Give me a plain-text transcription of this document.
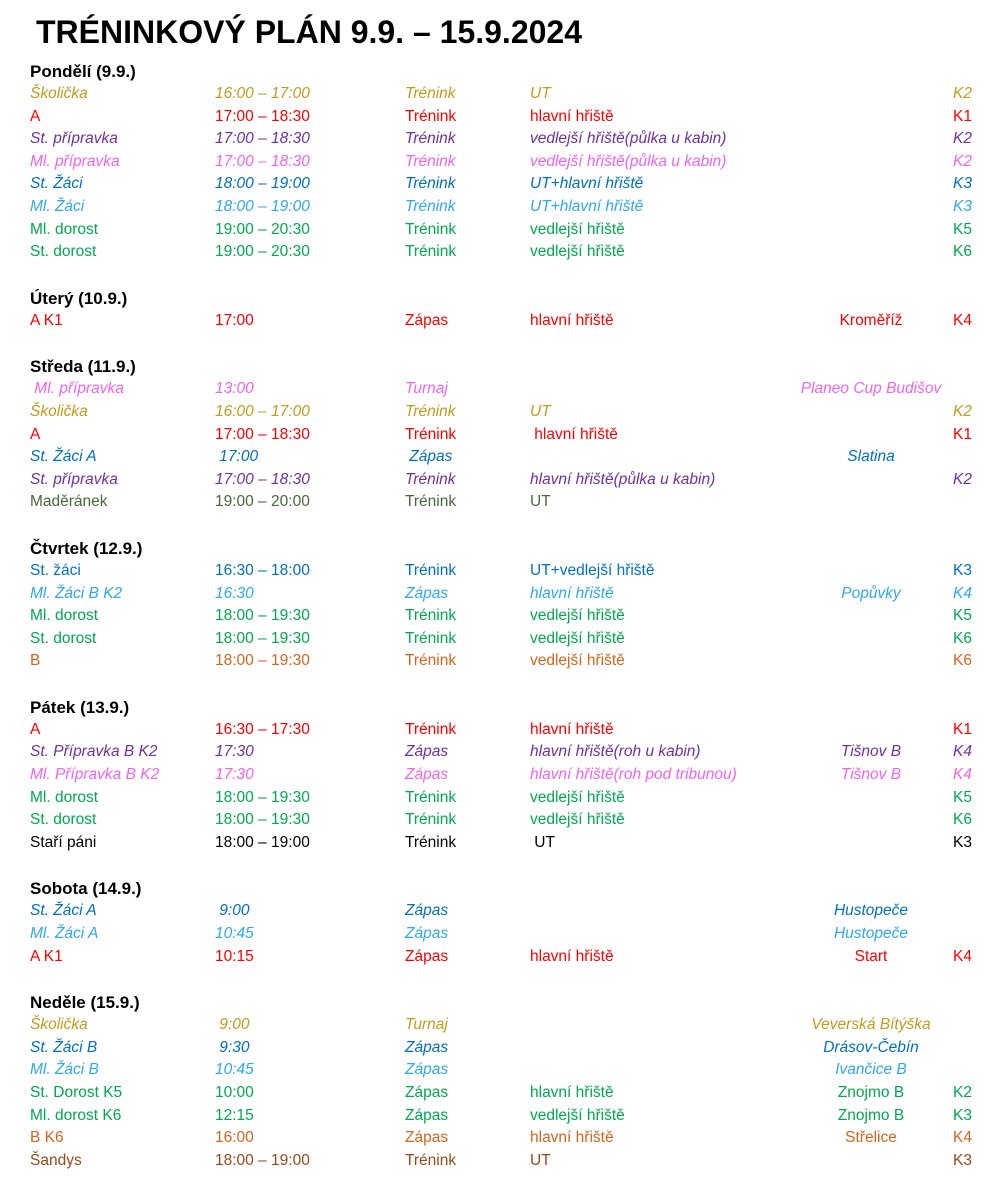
TRÉNINKOVÝ PLÁN 9.9. – 15.9.2024
Pondělí (9.9.)
Školička	16:00 – 17:00	Trénink	UT	K2
A	17:00 – 18:30	Trénink	hlavní hřiště	K1
St. přípravka	17:00 – 18:30	Trénink	vedlejší hřiště(půlka u kabin)	K2
Ml. přípravka	17:00 – 18:30	Trénink	vedlejší hřiště(půlka u kabin)	K2
St. Žáci	18:00 – 19:00	Trénink	UT+hlavní hřiště	K3
Ml. Žáci	18:00 – 19:00	Trénink	UT+hlavní hřiště	K3
Ml. dorost	19:00 – 20:30	Trénink	vedlejší hřiště	K5
St. dorost	19:00 – 20:30	Trénink	vedlejší hřiště	K6
Úterý (10.9.)
A K1	17:00	Zápas	hlavní hřiště	Kroměříž	K4
Středa (11.9.)
Ml. přípravka	13:00	Turnaj	Planeo Cup Budišov
Školička	16:00 – 17:00	Trénink	UT	K2
A	17:00 – 18:30	Trénink	hlavní hřiště	K1
St. Žáci A	17:00	Zápas	Slatina
St. přípravka	17:00 – 18:30	Trénink	hlavní hřiště(půlka u kabin)	K2
Maděránek	19:00 – 20:00	Trénink	UT
Čtvrtek (12.9.)
St. žáci	16:30 – 18:00	Trénink	UT+vedlejší hřiště	K3
Ml. Žáci B K2	16:30	Zápas	hlavní hřiště	Popůvky	K4
Ml. dorost	18:00 – 19:30	Trénink	vedlejší hřiště	K5
St. dorost	18:00 – 19:30	Trénink	vedlejší hřiště	K6
B	18:00 – 19:30	Trénink	vedlejší hřiště	K6
Pátek (13.9.)
A	16:30 – 17:30	Trénink	hlavní hřiště	K1
St. Přípravka B K2	17:30	Zápas	hlavní hřiště(roh u kabin)	Tišnov B	K4
Ml. Přípravka B K2	17:30	Zápas	hlavní hřiště(roh pod tribunou)	Tišnov B	K4
Ml. dorost	18:00 – 19:30	Trénink	vedlejší hřiště	K5
St. dorost	18:00 – 19:30	Trénink	vedlejší hřiště	K6
Staří páni	18:00 – 19:00	Trénink	UT	K3
Sobota (14.9.)
St. Žáci A	9:00	Zápas	Hustopeče
Ml. Žáci A	10:45	Zápas	Hustopeče
A K1	10:15	Zápas	hlavní hřiště	Start	K4
Neděle (15.9.)
Školička	9:00	Turnaj	Veverská Bítýška
St. Žáci B	9:30	Zápas	Drásov-Čebín
Ml. Žáci B	10:45	Zápas	Ivančice B
St. Dorost K5	10:00	Zápas	hlavní hřiště	Znojmo B	K2
Ml. dorost K6	12:15	Zápas	vedlejší hřiště	Znojmo B	K3
B K6	16:00	Zápas	hlavní hřiště	Střelice	K4
Šandys	18:00 – 19:00	Trénink	UT	K3
